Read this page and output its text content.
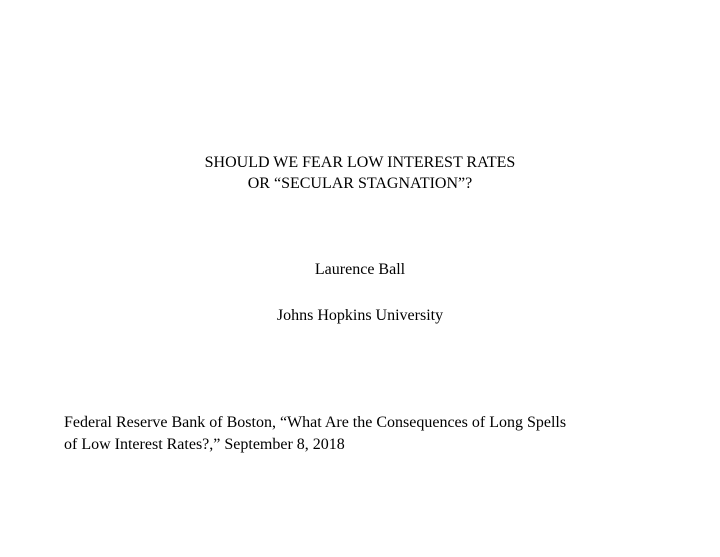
SHOULD WE FEAR LOW INTEREST RATES
OR “SECULAR STAGNATION”?
Laurence Ball
Johns Hopkins University
Federal Reserve Bank of Boston, “What Are the Consequences of Long Spells
of Low Interest Rates?,” September 8, 2018
